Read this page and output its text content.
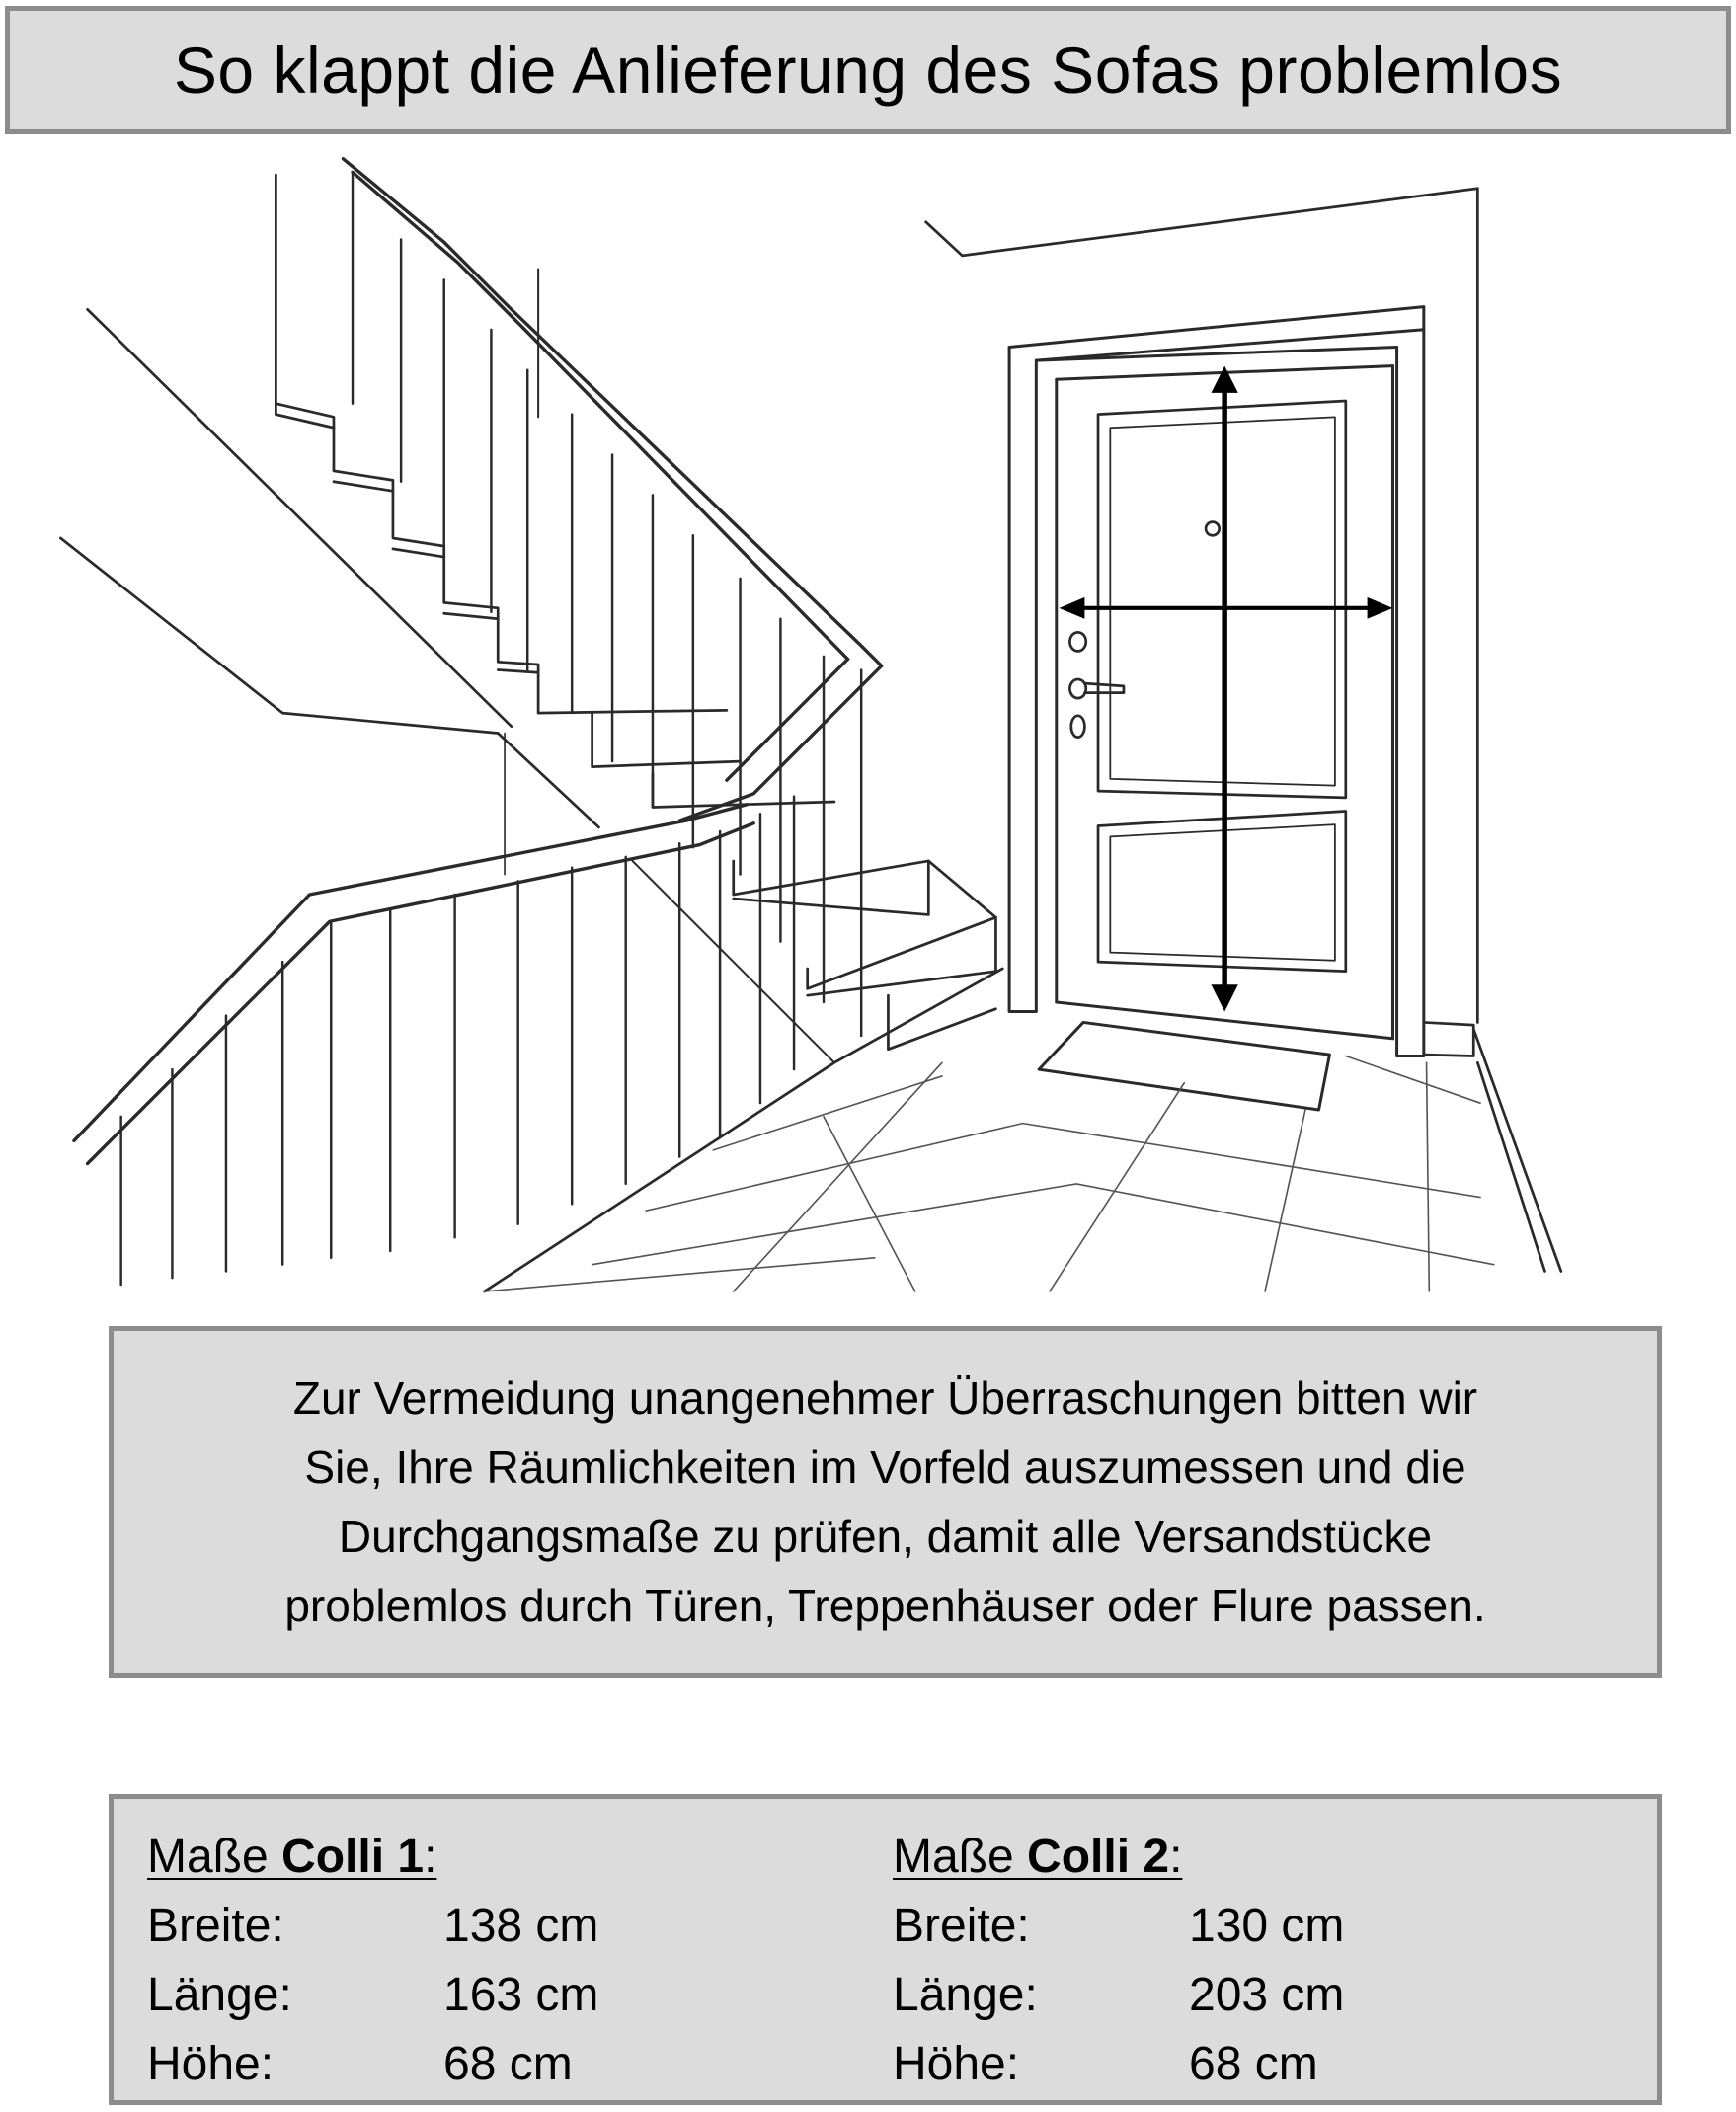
So klappt die Anlieferung des Sofas problemlos
Zur Vermeidung unangenehmer Überraschungen bitten wir
Sie, Ihre Räumlichkeiten im Vorfeld auszumessen und die
Durchgangsmaße zu prüfen, damit alle Versandstücke
problemlos durch Türen, Treppenhäuser oder Flure passen.
Maße Colli 1:
Breite:	138 cm
Länge:	163 cm
Höhe:	68 cm
Maße Colli 2:
Breite:	130 cm
Länge:	203 cm
Höhe:	68 cm
